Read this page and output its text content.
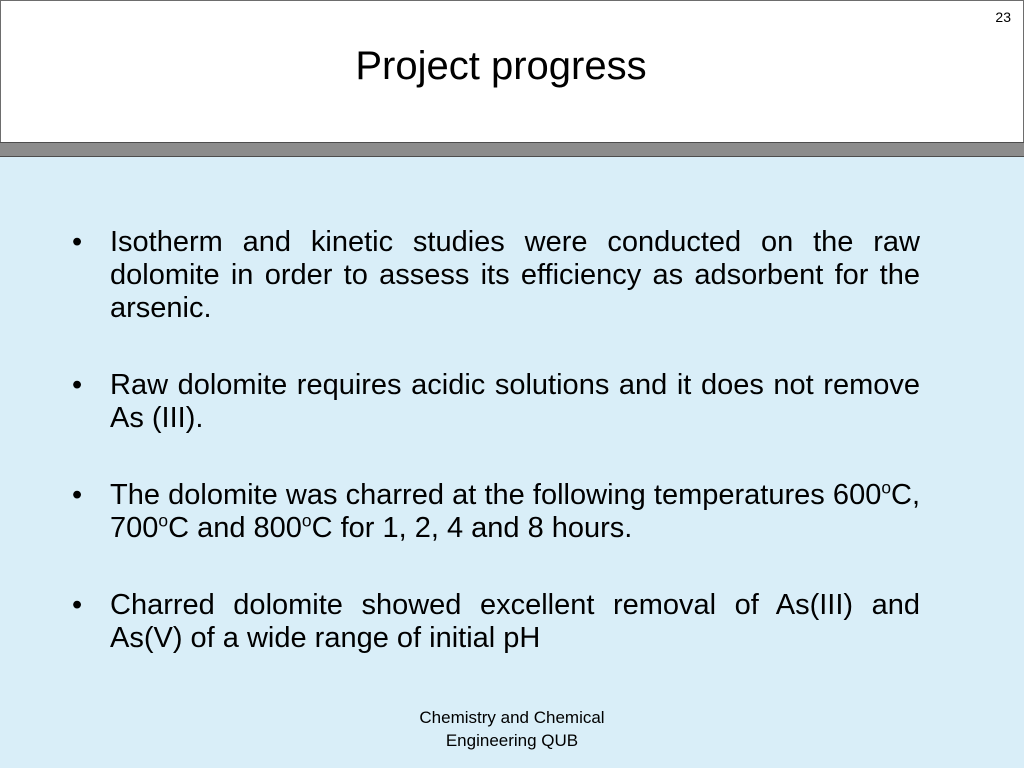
23
Project progress
• Isotherm and kinetic studies were conducted on the raw dolomite in order to assess its efficiency as adsorbent for the arsenic.
• Raw dolomite requires acidic solutions and it does not remove As (III).
• The dolomite was charred at the following temperatures 600$^o$C, 700$^o$C and 800$^o$C for 1, 2, 4 and 8 hours.
• Charred dolomite showed excellent removal of As(III) and As(V) of a wide range of initial pH
Chemistry and Chemical
Engineering QUB
